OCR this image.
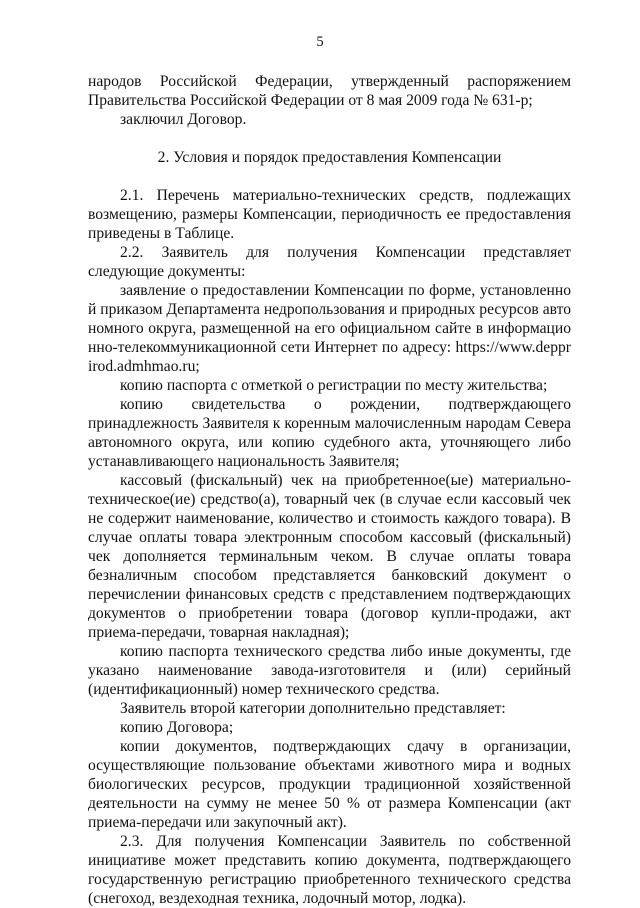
5

народов Российской Федерации, утвержденный распоряжением Правительства Российской Федерации от 8 мая 2009 года № 631-р;

заключил Договор.

2. Условия и порядок предоставления Компенсации

2.1. Перечень материально-технических средств, подлежащих возмещению, размеры Компенсации, периодичность ее предоставления приведены в Таблице.

2.2. Заявитель для получения Компенсации представляет следующие документы:

заявление о предоставлении Компенсации по форме, установленной приказом Департамента недропользования и природных ресурсов автономного округа, размещенной на его официальном сайте в информационно-телекоммуникационной сети Интернет по адресу: https://www.depprirod.admhmao.ru;

копию паспорта с отметкой о регистрации по месту жительства;

копию свидетельства о рождении, подтверждающего принадлежность Заявителя к коренным малочисленным народам Севера автономного округа, или копию судебного акта, уточняющего либо устанавливающего национальность Заявителя;

кассовый (фискальный) чек на приобретенное(ые) материально-техническое(ие) средство(а), товарный чек (в случае если кассовый чек не содержит наименование, количество и стоимость каждого товара). В случае оплаты товара электронным способом кассовый (фискальный) чек дополняется терминальным чеком. В случае оплаты товара безналичным способом представляется банковский документ о перечислении финансовых средств с представлением подтверждающих документов о приобретении товара (договор купли-продажи, акт приема-передачи, товарная накладная);

копию паспорта технического средства либо иные документы, где указано наименование завода-изготовителя и (или) серийный (идентификационный) номер технического средства.

Заявитель второй категории дополнительно представляет:

копию Договора;

копии документов, подтверждающих сдачу в организации, осуществляющие пользование объектами животного мира и водных биологических ресурсов, продукции традиционной хозяйственной деятельности на сумму не менее 50 % от размера Компенсации (акт приема-передачи или закупочный акт).

2.3. Для получения Компенсации Заявитель по собственной инициативе может представить копию документа, подтверждающего государственную регистрацию приобретенного технического средства (снегоход, вездеходная техника, лодочный мотор, лодка).
